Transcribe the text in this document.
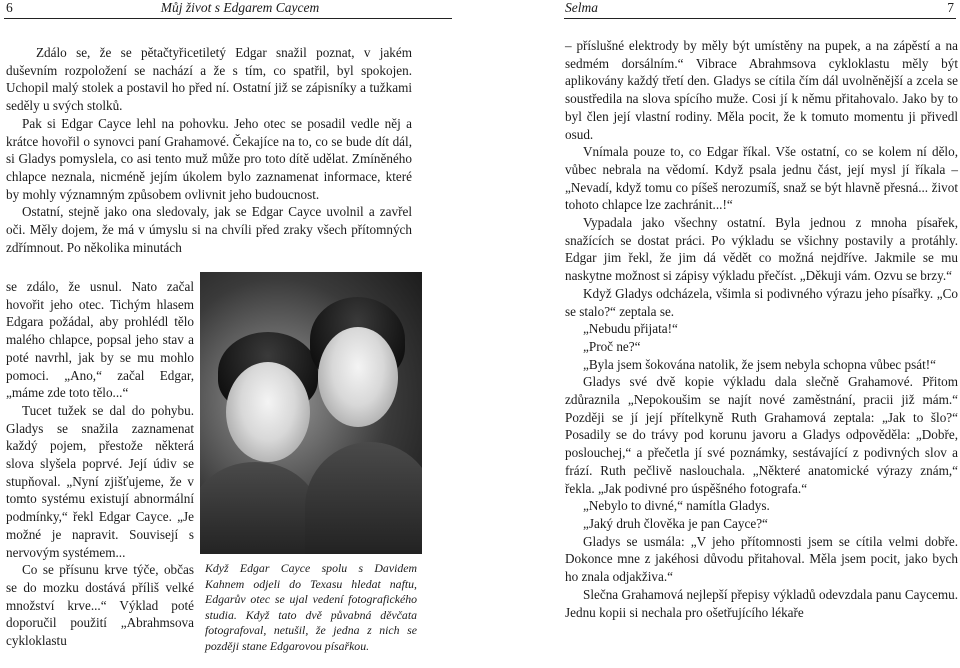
6	Můj život s Edgarem Caycem

Zdálo se, že se pětačtyřicetiletý Edgar snažil poznat, v jakém duševním rozpoložení se nachází a že s tím, co spatřil, byl spokojen. Uchopil malý stolek a postavil ho před ní. Ostatní již se zápisníky a tužkami seděly u svých stolků.

Pak si Edgar Cayce lehl na pohovku. Jeho otec se posadil vedle něj a krátce hovořil o synovci paní Grahamové. Čekajíce na to, co se bude dít dál, si Gladys pomyslela, co asi tento muž může pro toto dítě udělat. Zmíněného chlapce neznala, nicméně jejím úkolem bylo zaznamenat informace, které by mohly významným způsobem ovlivnit jeho budoucnost.

Ostatní, stejně jako ona sledovaly, jak se Edgar Cayce uvolnil a zavřel oči. Měly dojem, že má v úmyslu si na chvíli před zraky všech přítomných zdřímnout. Po několika minutách

se zdálo, že usnul. Nato začal hovořit jeho otec. Tichým hlasem Edgara požádal, aby prohlédl tělo malého chlapce, popsal jeho stav a poté navrhl, jak by se mu mohlo pomoci. „Ano,“ začal Edgar, „máme zde toto tělo...“

Tucet tužek se dal do pohybu. Gladys se snažila zaznamenat každý pojem, přestože některá slova slyšela poprvé. Její údiv se stupňoval. „Nyní zjišťujeme, že v tomto systému existují abnormální podmínky,“ řekl Edgar Cayce. „Je možné je napravit. Souvisejí s nervovým systémem...

Co se přísunu krve týče, občas se do mozku dostává příliš velké množství krve...“ Výklad poté doporučil použití „Abrahmsova cykloklastu

Když Edgar Cayce spolu s Davidem Kahnem odjeli do Texasu hledat naftu, Edgarův otec se ujal vedení fotografického studia. Když tato dvě půvabná děvčata fotografoval, netušil, že jedna z nich se později stane Edgarovou písařkou.
Selma	7

– příslušné elektrody by měly být umístěny na pupek, a na zápěstí a na sedmém dorsálním.“ Vibrace Abrahmsova cykloklastu měly být aplikovány každý třetí den. Gladys se cítila čím dál uvolněnější a zcela se soustředila na slova spícího muže. Cosi jí k němu přitahovalo. Jako by to byl člen její vlastní rodiny. Měla pocit, že k tomuto momentu ji přivedl osud.

Vnímala pouze to, co Edgar říkal. Vše ostatní, co se kolem ní dělo, vůbec nebrala na vědomí. Když psala jednu část, její mysl jí říkala – „Nevadí, když tomu co píšeš nerozumíš, snaž se být hlavně přesná... život tohoto chlapce lze zachránit...!“

Vypadala jako všechny ostatní. Byla jednou z mnoha písařek, snažících se dostat práci. Po výkladu se všichny postavily a protáhly. Edgar jim řekl, že jim dá vědět co možná nejdříve. Jakmile se mu naskytne možnost si zápisy výkladu přečíst. „Děkuji vám. Ozvu se brzy.“

Když Gladys odcházela, všimla si podivného výrazu jeho písařky. „Co se stalo?“ zeptala se.

„Nebudu přijata!“

„Proč ne?“

„Byla jsem šokována natolik, že jsem nebyla schopna vůbec psát!“

Gladys své dvě kopie výkladu dala slečně Grahamové. Přitom zdůraznila „Nepokoušim se najít nové zaměstnání, pracii již mám.“ Později se jí její přítelkyně Ruth Grahamová zeptala: „Jak to šlo?“ Posadily se do trávy pod korunu javoru a Gladys odpověděla: „Dobře, poslouchej,“ a přečetla jí své poznámky, sestávající z podivných slov a frází. Ruth pečlivě naslouchala. „Některé anatomické výrazy znám,“ řekla. „Jak podivné pro úspěšného fotografa.“

„Nebylo to divné,“ namítla Gladys.

„Jaký druh člověka je pan Cayce?“

Gladys se usmála: „V jeho přítomnosti jsem se cítila velmi dobře. Dokonce mne z jakéhosi důvodu přitahoval. Měla jsem pocit, jako bych ho znala odjakživa.“

Slečna Grahamová nejlepší přepisy výkladů odevzdala panu Caycemu. Jednu kopii si nechala pro ošetřujícího lékaře
